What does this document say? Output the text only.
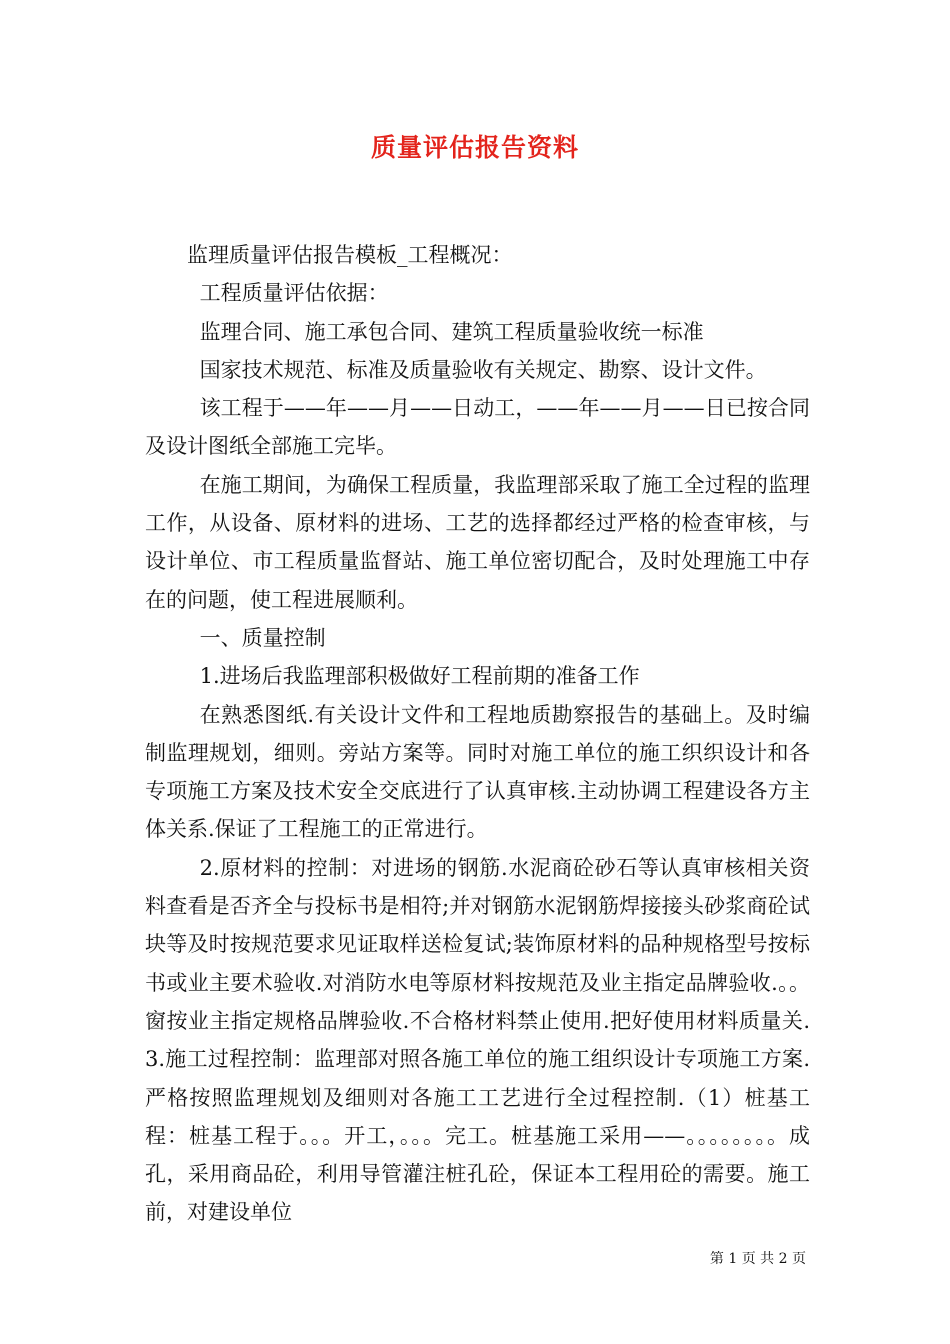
质量评估报告资料

监理质量评估报告模板_工程概况：

工程质量评估依据：

监理合同、施工承包合同、建筑工程质量验收统一标准

国家技术规范、标准及质量验收有关规定、勘察、设计文件。

该工程于——年——月——日动工，——年——月——日已按合同及设计图纸全部施工完毕。

在施工期间，为确保工程质量，我监理部采取了施工全过程的监理工作，从设备、原材料的进场、工艺的选择都经过严格的检查审核，与设计单位、市工程质量监督站、施工单位密切配合，及时处理施工中存在的问题，使工程进展顺利。

一、质量控制

1.进场后我监理部积极做好工程前期的准备工作

在熟悉图纸.有关设计文件和工程地质勘察报告的基础上。及时编制监理规划，细则。旁站方案等。同时对施工单位的施工织织设计和各专项施工方案及技术安全交底进行了认真审核.主动协调工程建设各方主体关系.保证了工程施工的正常进行。

2.原材料的控制：对进场的钢筋.水泥商砼砂石等认真审核相关资料查看是否齐全与投标书是相符;并对钢筋水泥钢筋焊接接头砂浆商砼试块等及时按规范要求见证取样送检复试;装饰原材料的品种规格型号按标书或业主要术验收.对消防水电等原材料按规范及业主指定品牌验收.。。窗按业主指定规格品牌验收.不合格材料禁止使用.把好使用材料质量关.3.施工过程控制：监理部对照各施工单位的施工组织设计专项施工方案.严格按照监理规划及细则对各施工工艺进行全过程控制.（1）桩基工程：桩基工程于。。。开工，。。。完工。桩基施工采用——。。。。。。。。成孔，采用商品砼，利用导管灌注桩孔砼，保证本工程用砼的需要。施工前，对建设单位

第 1 页 共 2 页
